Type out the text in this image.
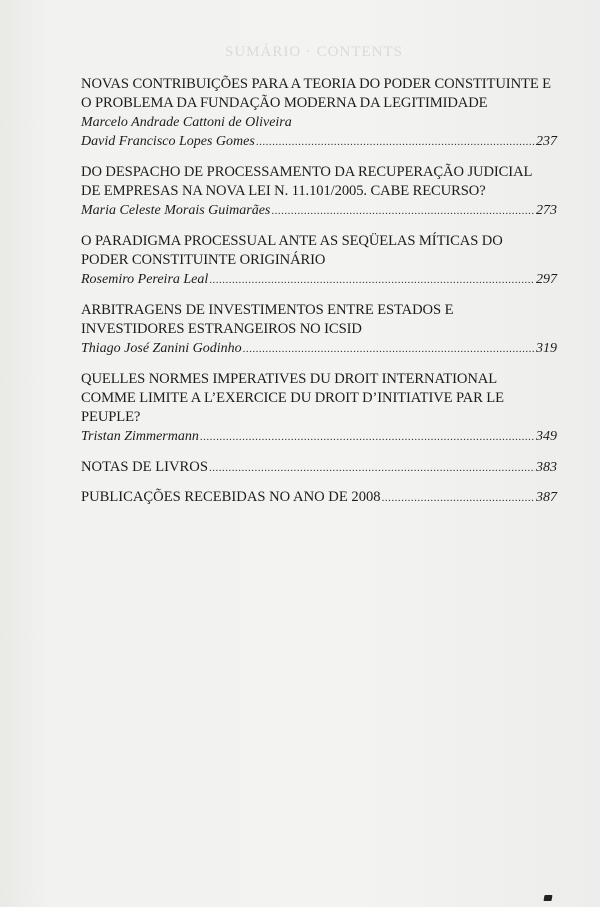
SUMÁRIO · CONTENTS
NOVAS CONTRIBUIÇÕES PARA A TEORIA DO PODER CONSTITUINTE E
O PROBLEMA DA FUNDAÇÃO MODERNA DA LEGITIMIDADE
Marcelo Andrade Cattoni de Oliveira
David Francisco Lopes Gomes .....	237
DO DESPACHO DE PROCESSAMENTO DA RECUPERAÇÃO JUDICIAL
DE EMPRESAS NA NOVA LEI N. 11.101/2005. CABE RECURSO?
Maria Celeste Morais Guimarães .....	273
O PARADIGMA PROCESSUAL ANTE AS SEQÜELAS MÍTICAS DO
PODER CONSTITUINTE ORIGINÁRIO
Rosemiro Pereira Leal .....	297
ARBITRAGENS DE INVESTIMENTOS ENTRE ESTADOS E
INVESTIDORES ESTRANGEIROS NO ICSID
Thiago José Zanini Godinho .....	319
QUELLES NORMES IMPERATIVES DU DROIT INTERNATIONAL
COMME LIMITE A L’EXERCICE DU DROIT D’INITIATIVE PAR LE
PEUPLE?
Tristan Zimmermann .....	349
NOTAS DE LIVROS .....	383
PUBLICAÇÕES RECEBIDAS NO ANO DE 2008 .....	387
